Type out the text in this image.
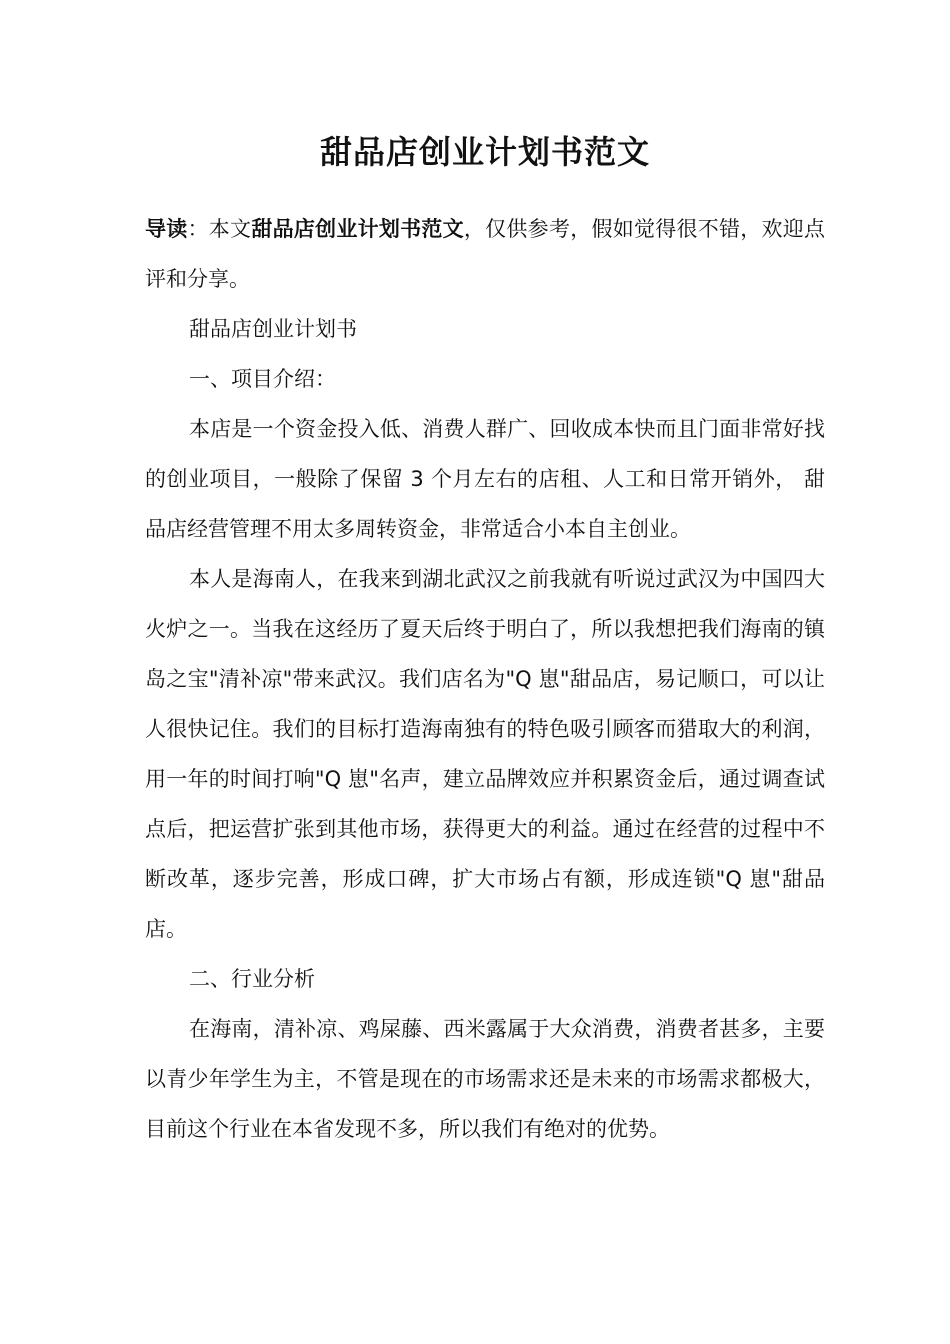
甜品店创业计划书范文

导读：本文甜品店创业计划书范文，仅供参考，假如觉得很不错，欢迎点评和分享。

甜品店创业计划书

一、项目介绍：

本店是一个资金投入低、消费人群广、回收成本快而且门面非常好找的创业项目，一般除了保留 3 个月左右的店租、人工和日常开销外， 甜品店经营管理不用太多周转资金，非常适合小本自主创业。

本人是海南人，在我来到湖北武汉之前我就有听说过武汉为中国四大火炉之一。当我在这经历了夏天后终于明白了，所以我想把我们海南的镇岛之宝"清补凉"带来武汉。我们店名为"Q 崽"甜品店，易记顺口，可以让人很快记住。我们的目标打造海南独有的特色吸引顾客而猎取大的利润，用一年的时间打响"Q 崽"名声，建立品牌效应并积累资金后，通过调查试点后，把运营扩张到其他市场，获得更大的利益。通过在经营的过程中不断改革，逐步完善，形成口碑，扩大市场占有额，形成连锁"Q 崽"甜品店。

二、行业分析

在海南，清补凉、鸡屎藤、西米露属于大众消费，消费者甚多，主要以青少年学生为主，不管是现在的市场需求还是未来的市场需求都极大，目前这个行业在本省发现不多，所以我们有绝对的优势。
